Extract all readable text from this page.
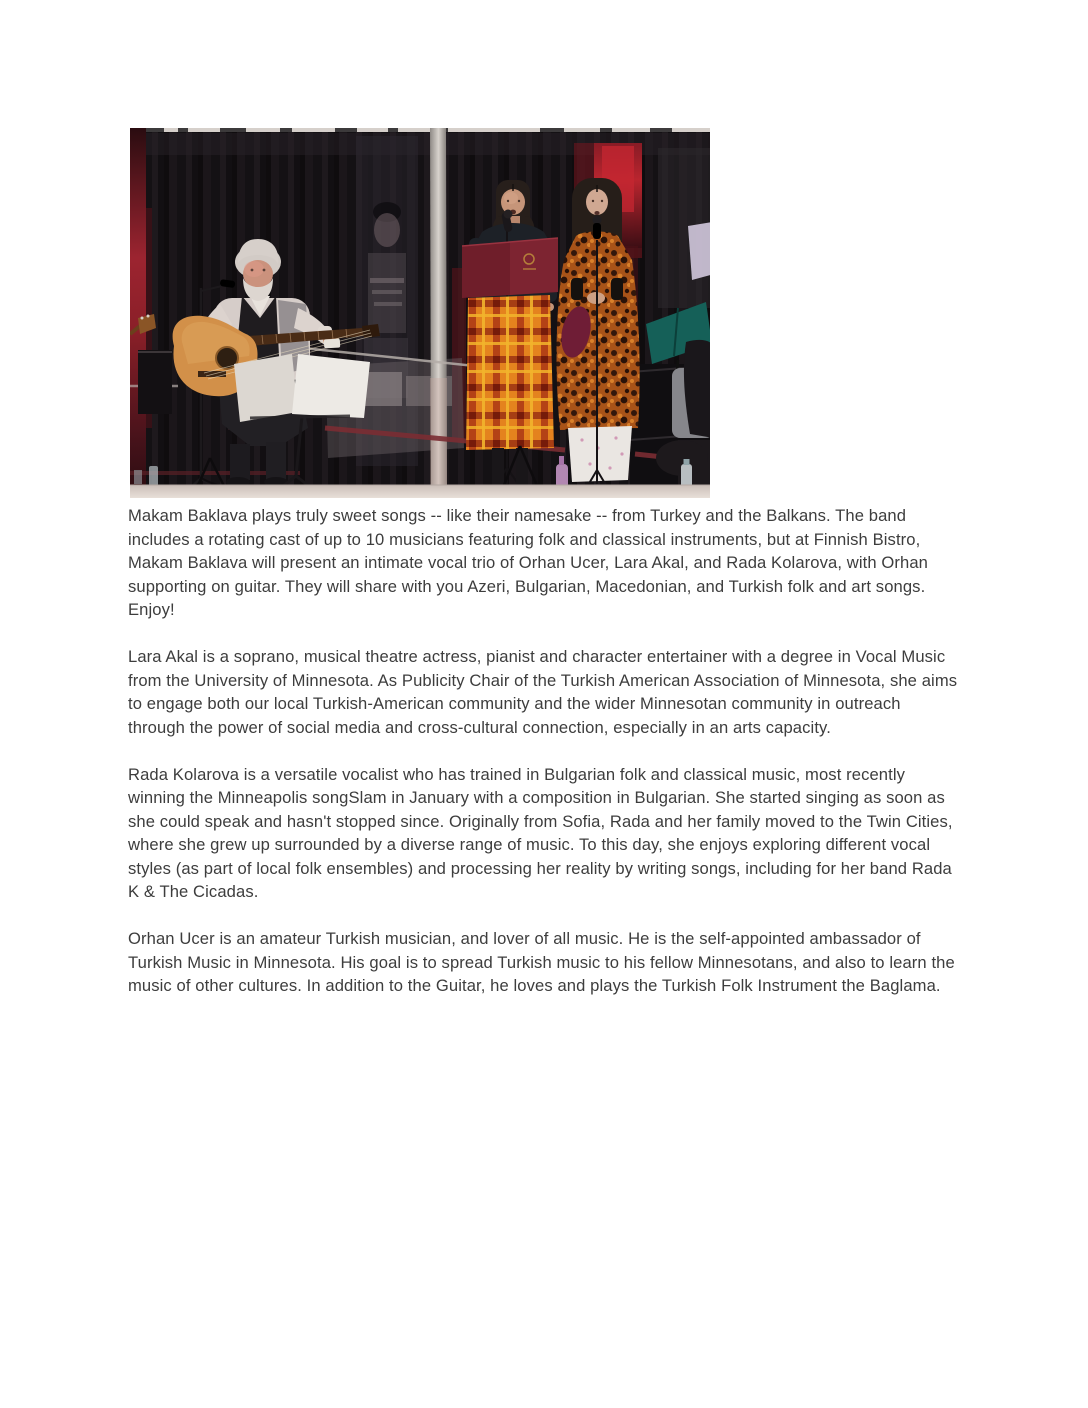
Makam Baklava plays truly sweet songs -- like their namesake -- from Turkey and the Balkans. The band includes a rotating cast of up to 10 musicians featuring folk and classical instruments, but at Finnish Bistro, Makam Baklava will present an intimate vocal trio of Orhan Ucer, Lara Akal, and Rada Kolarova, with Orhan supporting on guitar. They will share with you Azeri, Bulgarian, Macedonian, and Turkish folk and art songs. Enjoy!

Lara Akal is a soprano, musical theatre actress, pianist and character entertainer with a degree in Vocal Music from the University of Minnesota. As Publicity Chair of the Turkish American Association of Minnesota, she aims to engage both our local Turkish-American community and the wider Minnesotan community in outreach through the power of social media and cross-cultural connection, especially in an arts capacity.

Rada Kolarova is a versatile vocalist who has trained in Bulgarian folk and classical music, most recently winning the Minneapolis songSlam in January with a composition in Bulgarian. She started singing as soon as she could speak and hasn't stopped since. Originally from Sofia, Rada and her family moved to the Twin Cities, where she grew up surrounded by a diverse range of music. To this day, she enjoys exploring different vocal styles (as part of local folk ensembles) and processing her reality by writing songs, including for her band Rada K & The Cicadas.

Orhan Ucer is an amateur Turkish musician, and lover of all music. He is the self-appointed ambassador of Turkish Music in Minnesota. His goal is to spread Turkish music to his fellow Minnesotans, and also to learn the music of other cultures. In addition to the Guitar, he loves and plays the Turkish Folk Instrument the Baglama.
